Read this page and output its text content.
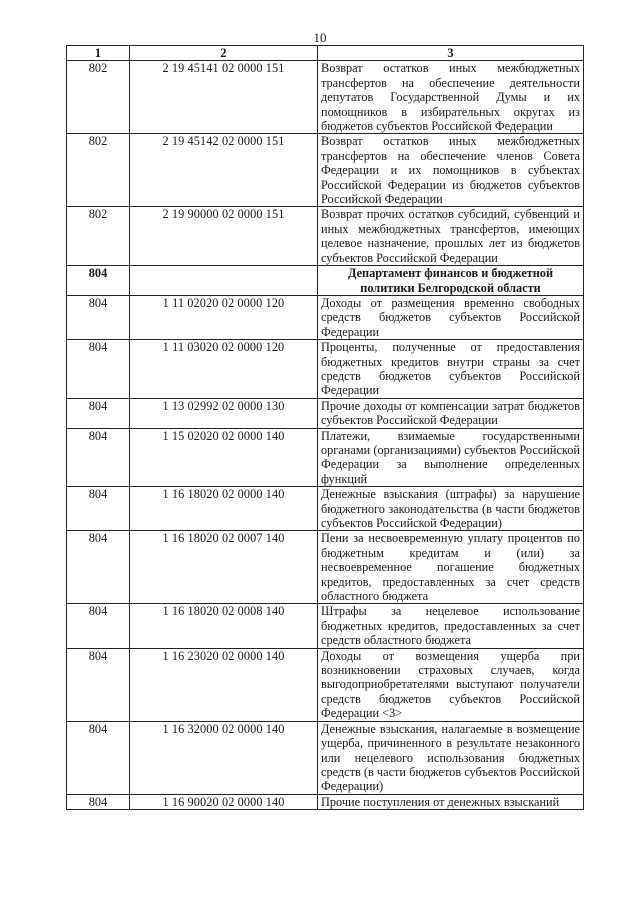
10
1	2	3
802	2 19 45141 02 0000 151	Возврат остатков иных межбюджетных трансфертов на обеспечение деятельности депутатов Государственной Думы и их помощников в избирательных округах из бюджетов субъектов Российской Федерации
802	2 19 45142 02 0000 151	Возврат остатков иных межбюджетных трансфертов на обеспечение членов Совета Федерации и их помощников в субъектах Российской Федерации из бюджетов субъектов Российской Федерации
802	2 19 90000 02 0000 151	Возврат прочих остатков субсидий, субвенций и иных межбюджетных трансфертов, имеющих целевое назначение, прошлых лет из бюджетов субъектов Российской Федерации
804		Департамент финансов и бюджетной политики Белгородской области
804	1 11 02020 02 0000 120	Доходы от размещения временно свободных средств бюджетов субъектов Российской Федерации
804	1 11 03020 02 0000 120	Проценты, полученные от предоставления бюджетных кредитов внутри страны за счет средств бюджетов субъектов Российской Федерации
804	1 13 02992 02 0000 130	Прочие доходы от компенсации затрат бюджетов субъектов Российской Федерации
804	1 15 02020 02 0000 140	Платежи, взимаемые государственными органами (организациями) субъектов Российской Федерации за выполнение определенных функций
804	1 16 18020 02 0000 140	Денежные взыскания (штрафы) за нарушение бюджетного законодательства (в части бюджетов субъектов Российской Федерации)
804	1 16 18020 02 0007 140	Пени за несвоевременную уплату процентов по бюджетным кредитам и (или) за несвоевременное погашение бюджетных кредитов, предоставленных за счет средств областного бюджета
804	1 16 18020 02 0008 140	Штрафы за нецелевое использование бюджетных кредитов, предоставленных за счет средств областного бюджета
804	1 16 23020 02 0000 140	Доходы от возмещения ущерба при возникновении страховых случаев, когда выгодоприобретателями выступают получатели средств бюджетов субъектов Российской Федерации <3>
804	1 16 32000 02 0000 140	Денежные взыскания, налагаемые в возмещение ущерба, причиненного в результате незаконного или нецелевого использования бюджетных средств (в части бюджетов субъектов Российской Федерации)
804	1 16 90020 02 0000 140	Прочие поступления от денежных взысканий
